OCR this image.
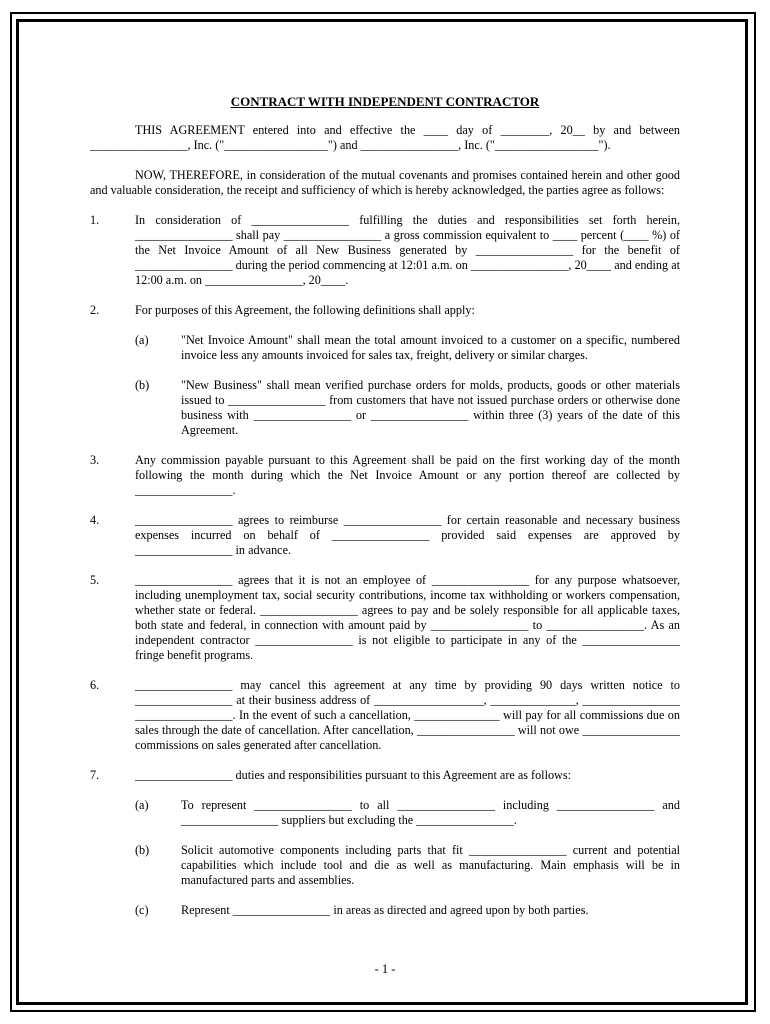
CONTRACT WITH INDEPENDENT CONTRACTOR

THIS AGREEMENT entered into and effective the ____ day of ________, 20__ by and between ________________, Inc. ("_________________") and ________________, Inc. ("_________________").

NOW, THEREFORE, in consideration of the mutual covenants and promises contained herein and other good and valuable consideration, the receipt and sufficiency of which is hereby acknowledged, the parties agree as follows:

1.	In consideration of ________________ fulfilling the duties and responsibilities set forth herein, ________________ shall pay ________________ a gross commission equivalent to ____ percent (____ %) of the Net Invoice Amount of all New Business generated by ________________ for the benefit of ________________ during the period commencing at 12:01 a.m. on ________________, 20____ and ending at 12:00 a.m. on ________________, 20____.
2.	For purposes of this Agreement, the following definitions shall apply:
(a)	"Net Invoice Amount" shall mean the total amount invoiced to a customer on a specific, numbered invoice less any amounts invoiced for sales tax, freight, delivery or similar charges.
(b)	"New Business" shall mean verified purchase orders for molds, products, goods or other materials issued to ________________ from customers that have not issued purchase orders or otherwise done business with ________________ or ________________ within three (3) years of the date of this Agreement.
3.	Any commission payable pursuant to this Agreement shall be paid on the first working day of the month following the month during which the Net Invoice Amount or any portion thereof are collected by ________________.
4.	________________ agrees to reimburse ________________ for certain reasonable and necessary business expenses incurred on behalf of ________________ provided said expenses are approved by ________________ in advance.
5.	________________ agrees that it is not an employee of ________________ for any purpose whatsoever, including unemployment tax, social security contributions, income tax withholding or workers compensation, whether state or federal. ________________ agrees to pay and be solely responsible for all applicable taxes, both state and federal, in connection with amount paid by ________________ to ________________. As an independent contractor ________________ is not eligible to participate in any of the ________________ fringe benefit programs.
6.	________________ may cancel this agreement at any time by providing 90 days written notice to ________________ at their business address of __________________, ______________, ________________ ________________. In the event of such a cancellation, ______________ will pay for all commissions due on sales through the date of cancellation. After cancellation, ________________ will not owe ________________ commissions on sales generated after cancellation.
7.	________________ duties and responsibilities pursuant to this Agreement are as follows:
(a)	To represent ________________ to all ________________ including ________________ and ________________ suppliers but excluding the ________________.
(b)	Solicit automotive components including parts that fit ________________ current and potential capabilities which include tool and die as well as manufacturing. Main emphasis will be in manufactured parts and assemblies.
(c)	Represent ________________ in areas as directed and agreed upon by both parties.
- 1 -
